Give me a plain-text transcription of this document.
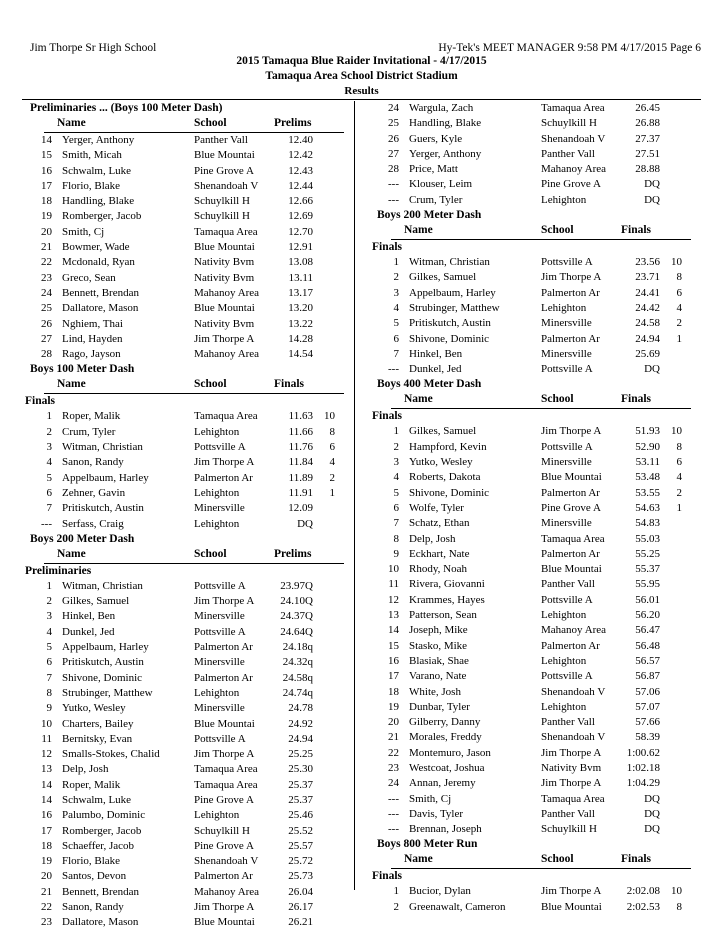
Jim Thorpe Sr High School	Hy-Tek's MEET MANAGER 9:58 PM 4/17/2015 Page 6
2015 Tamaqua Blue Raider Invitational - 4/17/2015
Tamaqua Area School District Stadium
Results
Preliminaries ... (Boys 100 Meter Dash)
Name	School	Prelims
14 Yerger, Anthony	Panther Vall	12.40
15 Smith, Micah	Blue Mountai	12.42
16 Schwalm, Luke	Pine Grove A	12.43
17 Florio, Blake	Shenandoah V	12.44
18 Handling, Blake	Schuylkill H	12.66
19 Romberger, Jacob	Schuylkill H	12.69
20 Smith, Cj	Tamaqua Area	12.70
21 Bowmer, Wade	Blue Mountai	12.91
22 Mcdonald, Ryan	Nativity Bvm	13.08
23 Greco, Sean	Nativity Bvm	13.11
24 Bennett, Brendan	Mahanoy Area	13.17
25 Dallatore, Mason	Blue Mountai	13.20
26 Nghiem, Thai	Nativity Bvm	13.22
27 Lind, Hayden	Jim Thorpe A	14.28
28 Rago, Jayson	Mahanoy Area	14.54
Boys 100 Meter Dash
Name	School	Finals
Finals
1 Roper, Malik	Tamaqua Area	11.63	10
2 Crum, Tyler	Lehighton	11.66	8
3 Witman, Christian	Pottsville A	11.76	6
4 Sanon, Randy	Jim Thorpe A	11.84	4
5 Appelbaum, Harley	Palmerton Ar	11.89	2
6 Zehner, Gavin	Lehighton	11.91	1
7 Pritiskutch, Austin	Minersville	12.09
--- Serfass, Craig	Lehighton	DQ
Boys 200 Meter Dash
Name	School	Prelims
Preliminaries
1 Witman, Christian	Pottsville A	23.97Q
2 Gilkes, Samuel	Jim Thorpe A	24.10Q
3 Hinkel, Ben	Minersville	24.37Q
4 Dunkel, Jed	Pottsville A	24.64Q
5 Appelbaum, Harley	Palmerton Ar	24.18q
6 Pritiskutch, Austin	Minersville	24.32q
7 Shivone, Dominic	Palmerton Ar	24.58q
8 Strubinger, Matthew	Lehighton	24.74q
9 Yutko, Wesley	Minersville	24.78
10 Charters, Bailey	Blue Mountai	24.92
11 Bernitsky, Evan	Pottsville A	24.94
12 Smalls-Stokes, Chalid	Jim Thorpe A	25.25
13 Delp, Josh	Tamaqua Area	25.30
14 Roper, Malik	Tamaqua Area	25.37
14 Schwalm, Luke	Pine Grove A	25.37
16 Palumbo, Dominic	Lehighton	25.46
17 Romberger, Jacob	Schuylkill H	25.52
18 Schaeffer, Jacob	Pine Grove A	25.57
19 Florio, Blake	Shenandoah V	25.72
20 Santos, Devon	Palmerton Ar	25.73
21 Bennett, Brendan	Mahanoy Area	26.04
22 Sanon, Randy	Jim Thorpe A	26.17
23 Dallatore, Mason	Blue Mountai	26.21
24 Wargula, Zach	Tamaqua Area	26.45
25 Handling, Blake	Schuylkill H	26.88
26 Guers, Kyle	Shenandoah V	27.37
27 Yerger, Anthony	Panther Vall	27.51
28 Price, Matt	Mahanoy Area	28.88
--- Klouser, Leim	Pine Grove A	DQ
--- Crum, Tyler	Lehighton	DQ
Boys 200 Meter Dash
Name	School	Finals
Finals
1 Witman, Christian	Pottsville A	23.56	10
2 Gilkes, Samuel	Jim Thorpe A	23.71	8
3 Appelbaum, Harley	Palmerton Ar	24.41	6
4 Strubinger, Matthew	Lehighton	24.42	4
5 Pritiskutch, Austin	Minersville	24.58	2
6 Shivone, Dominic	Palmerton Ar	24.94	1
7 Hinkel, Ben	Minersville	25.69
--- Dunkel, Jed	Pottsville A	DQ
Boys 400 Meter Dash
Name	School	Finals
Finals
1 Gilkes, Samuel	Jim Thorpe A	51.93	10
2 Hampford, Kevin	Pottsville A	52.90	8
3 Yutko, Wesley	Minersville	53.11	6
4 Roberts, Dakota	Blue Mountai	53.48	4
5 Shivone, Dominic	Palmerton Ar	53.55	2
6 Wolfe, Tyler	Pine Grove A	54.63	1
7 Schatz, Ethan	Minersville	54.83
8 Delp, Josh	Tamaqua Area	55.03
9 Eckhart, Nate	Palmerton Ar	55.25
10 Rhody, Noah	Blue Mountai	55.37
11 Rivera, Giovanni	Panther Vall	55.95
12 Krammes, Hayes	Pottsville A	56.01
13 Patterson, Sean	Lehighton	56.20
14 Joseph, Mike	Mahanoy Area	56.47
15 Stasko, Mike	Palmerton Ar	56.48
16 Blasiak, Shae	Lehighton	56.57
17 Varano, Nate	Pottsville A	56.87
18 White, Josh	Shenandoah V	57.06
19 Dunbar, Tyler	Lehighton	57.07
20 Gilberry, Danny	Panther Vall	57.66
21 Morales, Freddy	Shenandoah V	58.39
22 Montemuro, Jason	Jim Thorpe A	1:00.62
23 Westcoat, Joshua	Nativity Bvm	1:02.18
24 Annan, Jeremy	Jim Thorpe A	1:04.29
--- Smith, Cj	Tamaqua Area	DQ
--- Davis, Tyler	Panther Vall	DQ
--- Brennan, Joseph	Schuylkill H	DQ
Boys 800 Meter Run
Name	School	Finals
Finals
1 Bucior, Dylan	Jim Thorpe A	2:02.08	10
2 Greenawalt, Cameron	Blue Mountai	2:02.53	8
